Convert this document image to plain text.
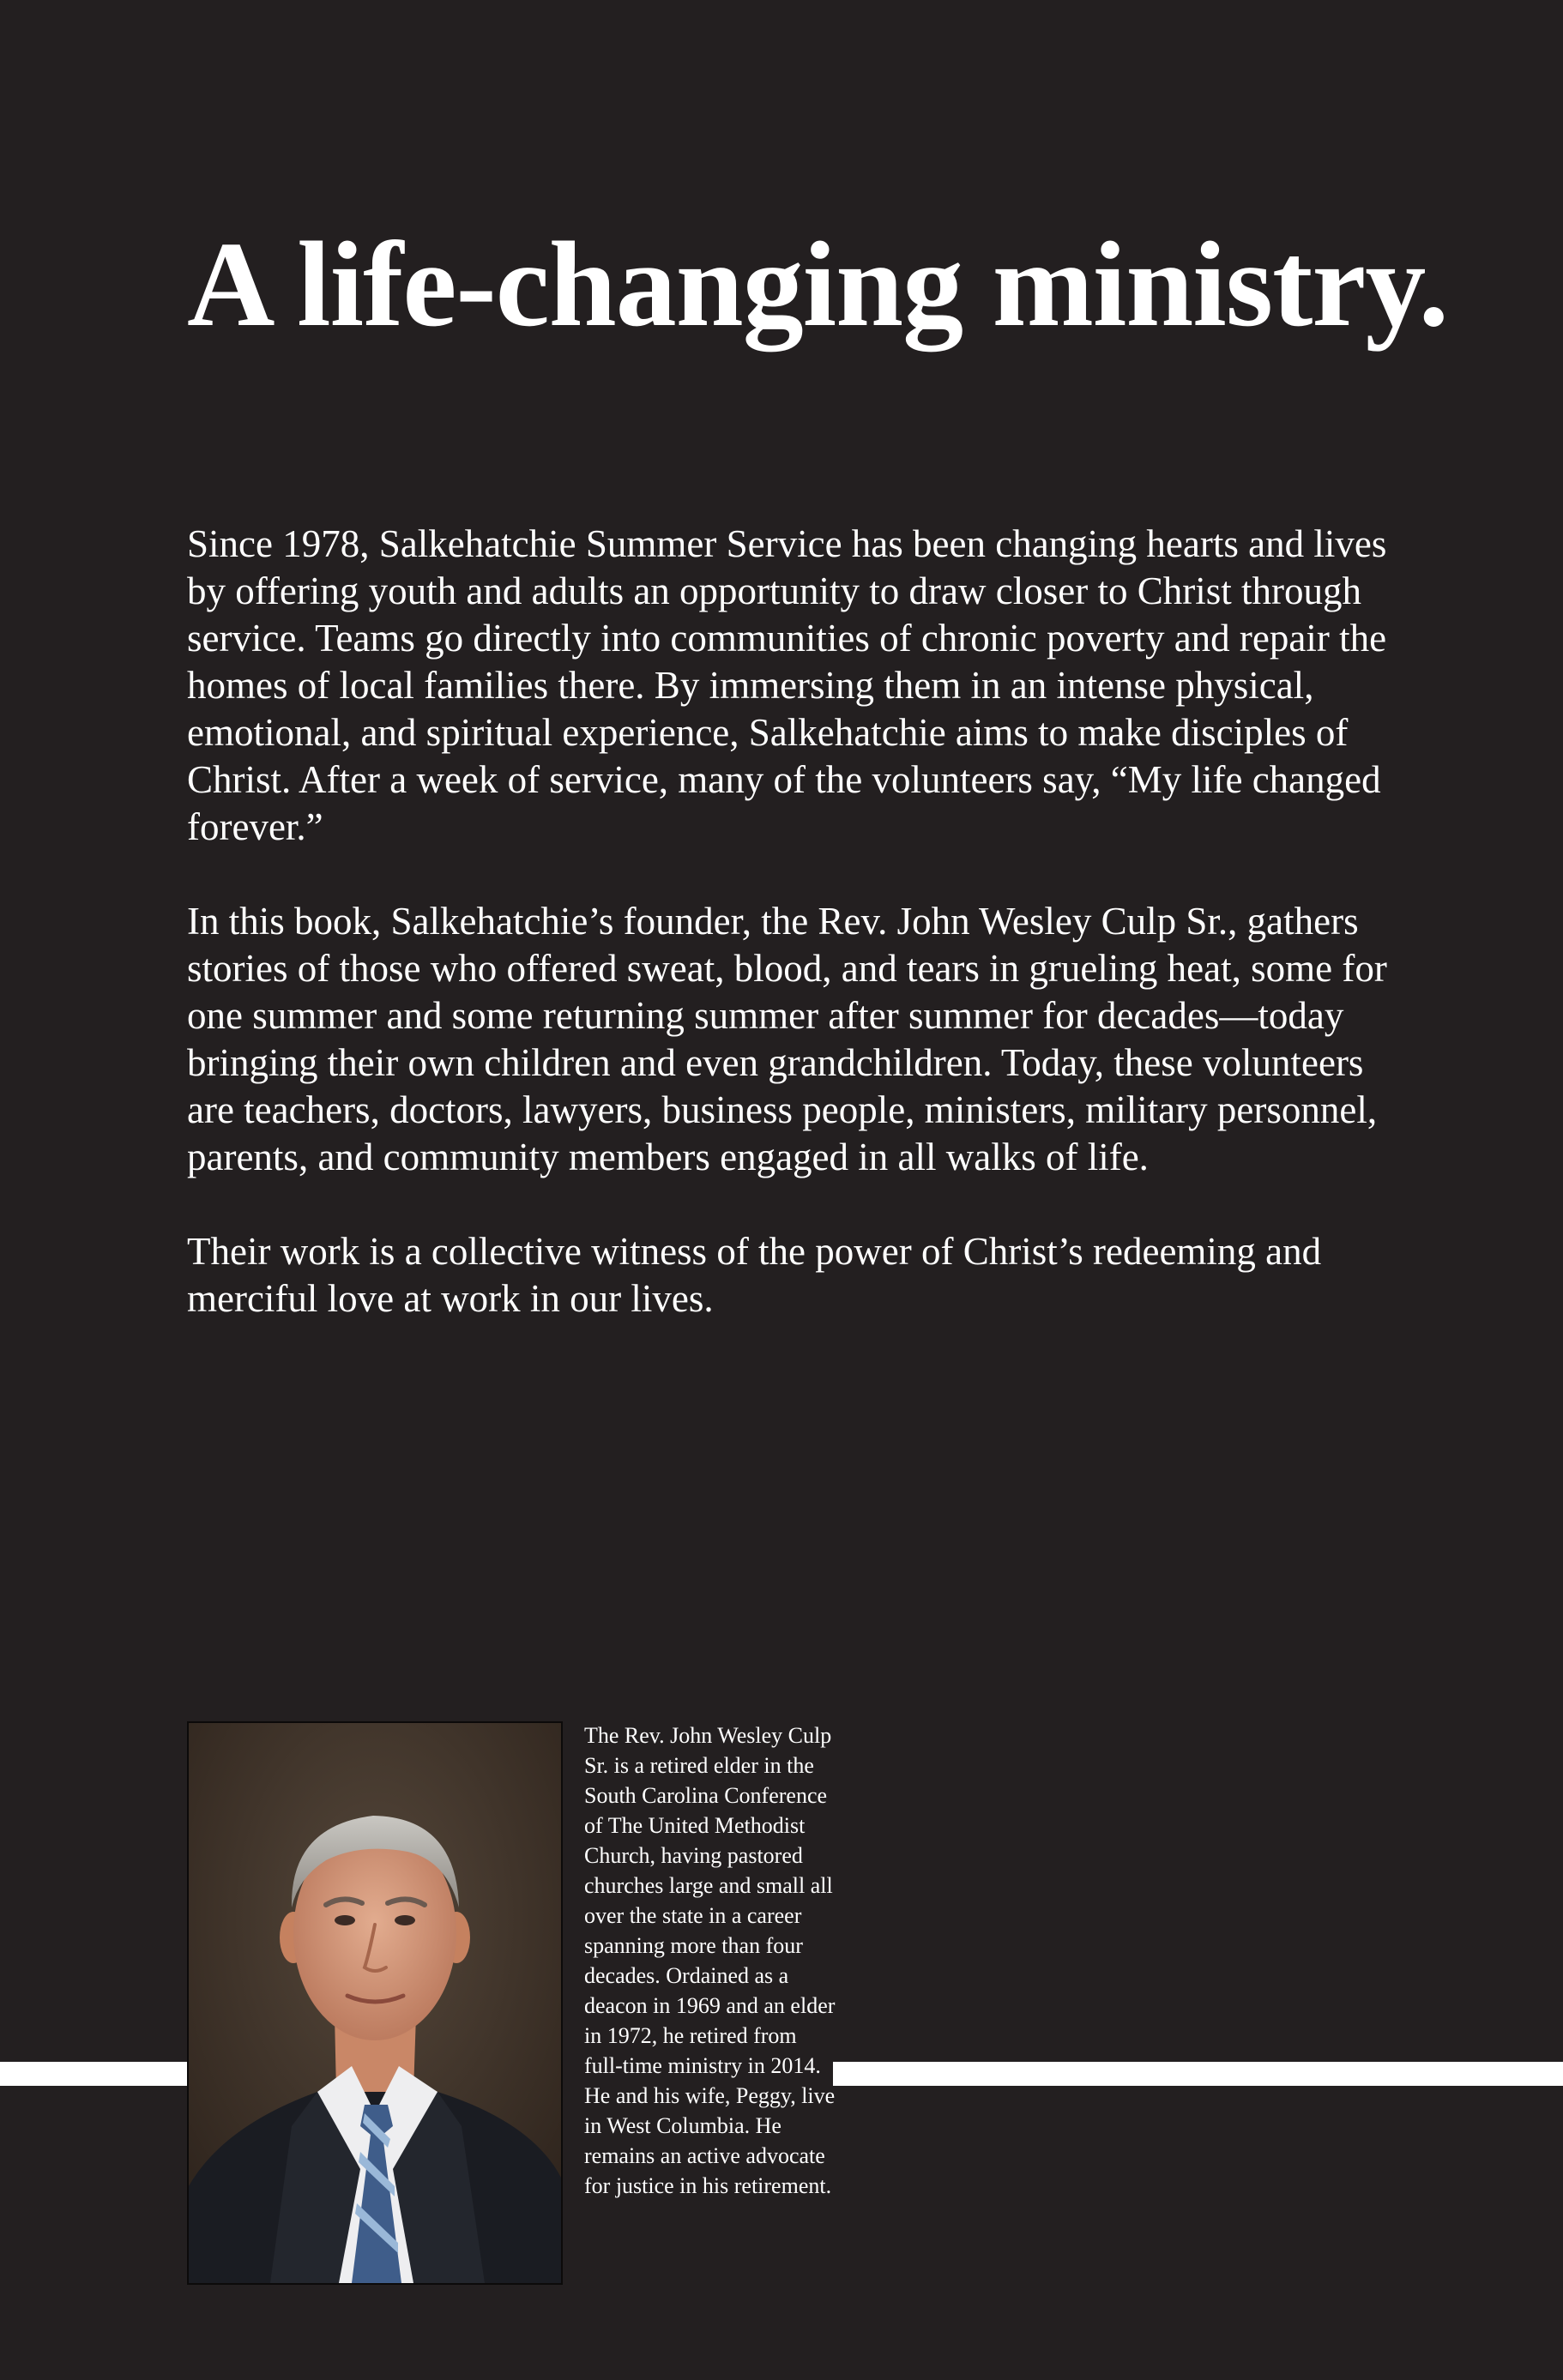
A life-changing ministry.

Since 1978, Salkehatchie Summer Service has been changing hearts and lives by offering youth and adults an opportunity to draw closer to Christ through service. Teams go directly into communities of chronic poverty and repair the homes of local families there. By immersing them in an intense physical, emotional, and spiritual experience, Salkehatchie aims to make disciples of Christ. After a week of service, many of the volunteers say, “My life changed forever.”

In this book, Salkehatchie’s founder, the Rev. John Wesley Culp Sr., gathers stories of those who offered sweat, blood, and tears in grueling heat, some for one summer and some returning summer after summer for decades—today bringing their own children and even grandchildren. Today, these volunteers are teachers, doctors, lawyers, business people, ministers, military personnel, parents, and community members engaged in all walks of life.

Their work is a collective witness of the power of Christ’s redeeming and merciful love at work in our lives.

The Rev. John Wesley Culp Sr. is a retired elder in the South Carolina Conference of The United Methodist Church, having pastored churches large and small all over the state in a career spanning more than four decades. Ordained as a deacon in 1969 and an elder in 1972, he retired from full-time ministry in 2014. He and his wife, Peggy, live in West Columbia. He remains an active advocate for justice in his retirement.
